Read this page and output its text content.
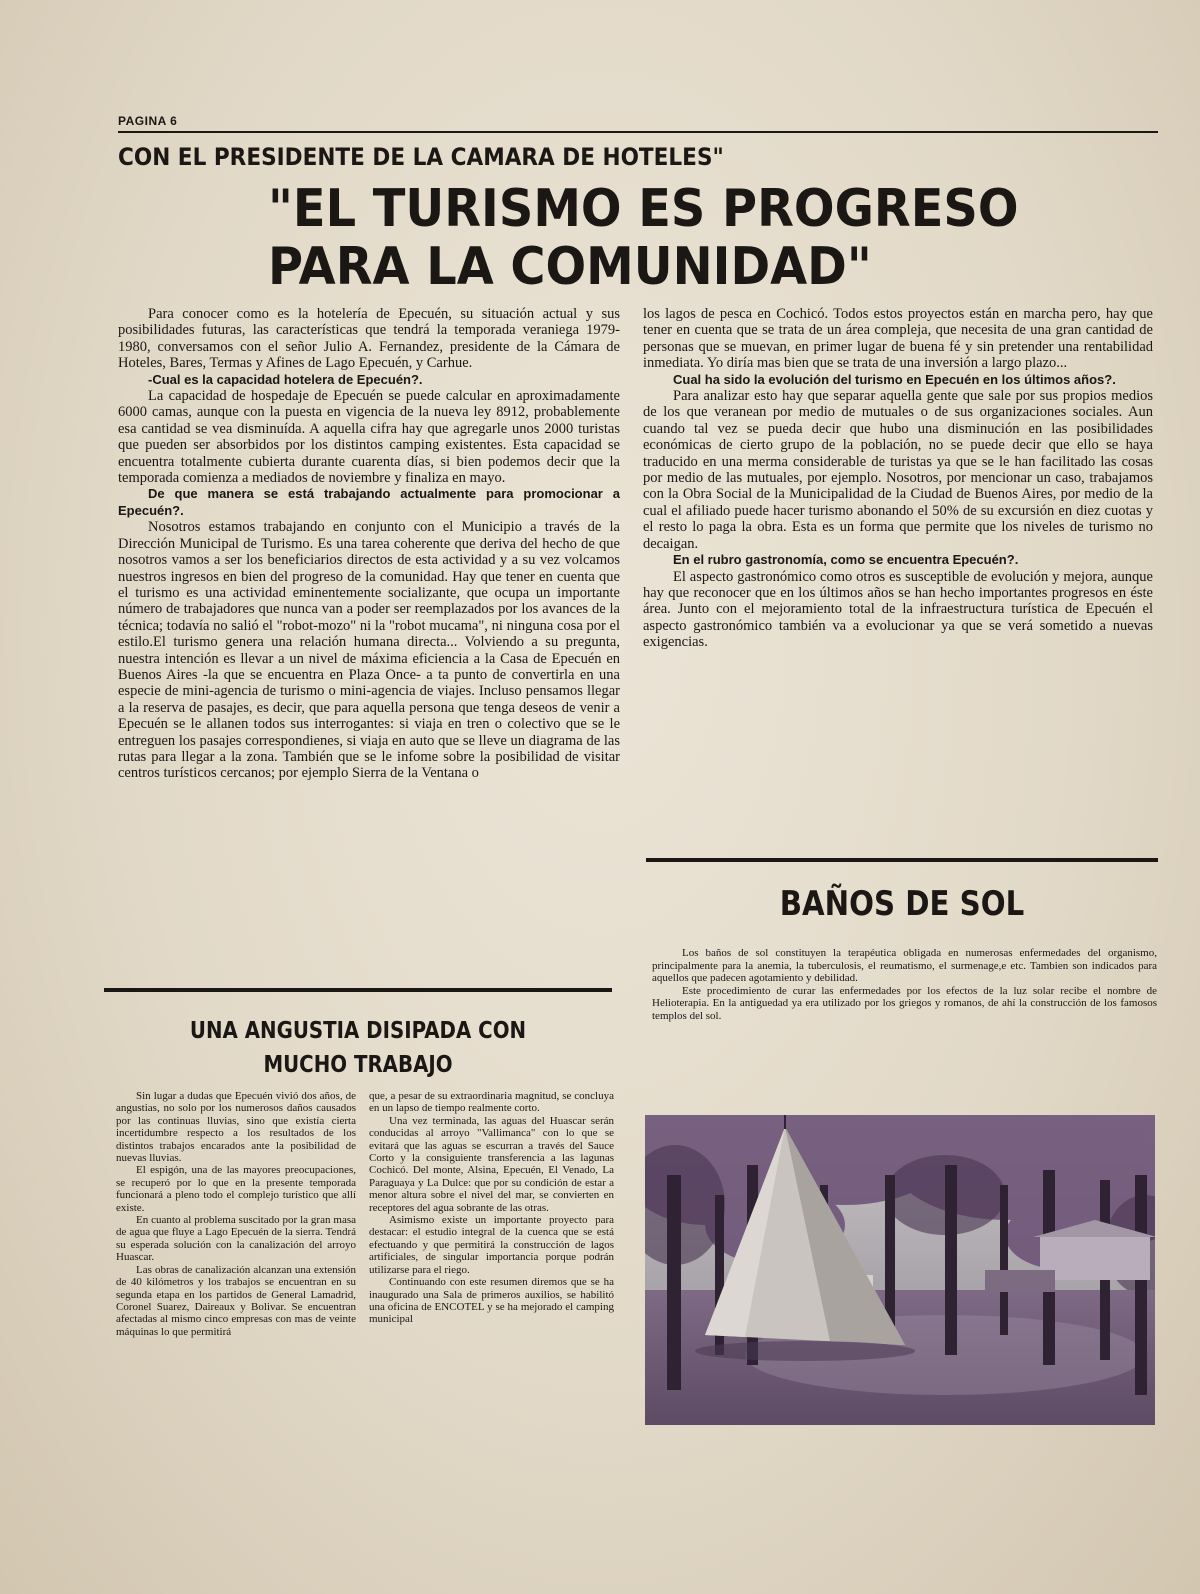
PAGINA 6
CON EL PRESIDENTE DE LA CAMARA DE HOTELES"
"EL TURISMO ES PROGRESO
PARA LA COMUNIDAD"

Para conocer como es la hotelería de Epecuén, su situación actual y sus posibilidades futuras, las características que tendrá la temporada veraniega 1979-1980, conversamos con el señor Julio A. Fernandez, presidente de la Cámara de Hoteles, Bares, Termas y Afines de Lago Epecuén, y Carhue.

-Cual es la capacidad hotelera de Epecuén?.

La capacidad de hospedaje de Epecuén se puede calcular en aproximadamente 6000 camas, aunque con la puesta en vigencia de la nueva ley 8912, probablemente esa cantidad se vea disminuída. A aquella cifra hay que agregarle unos 2000 turistas que pueden ser absorbidos por los distintos camping existentes. Esta capacidad se encuentra totalmente cubierta durante cuarenta días, si bien podemos decir que la temporada comienza a mediados de noviembre y finaliza en mayo.

De que manera se está trabajando actualmente para promocionar a Epecuén?.

Nosotros estamos trabajando en conjunto con el Municipio a través de la Dirección Municipal de Turismo. Es una tarea coherente que deriva del hecho de que nosotros vamos a ser los beneficiarios directos de esta actividad y a su vez volcamos nuestros ingresos en bien del progreso de la comunidad. Hay que tener en cuenta que el turismo es una actividad eminentemente socializante, que ocupa un importante número de trabajadores que nunca van a poder ser reemplazados por los avances de la técnica; todavía no salió el "robot-mozo" ni la "robot mucama", ni ninguna cosa por el estilo.El turismo genera una relación humana directa... Volviendo a su pregunta, nuestra intención es llevar a un nivel de máxima eficiencia a la Casa de Epecuén en Buenos Aires -la que se encuentra en Plaza Once- a ta punto de convertirla en una especie de mini-agencia de turismo o mini-agencia de viajes. Incluso pensamos llegar a la reserva de pasajes, es decir, que para aquella persona que tenga deseos de venir a Epecuén se le allanen todos sus interrogantes: si viaja en tren o colectivo que se le entreguen los pasajes correspondienes, si viaja en auto que se lleve un diagrama de las rutas para llegar a la zona. También que se le infome sobre la posibilidad de visitar centros turísticos cercanos; por ejemplo Sierra de la Ventana o

los lagos de pesca en Cochicó. Todos estos proyectos están en marcha pero, hay que tener en cuenta que se trata de un área compleja, que necesita de una gran cantidad de personas que se muevan, en primer lugar de buena fé y sin pretender una rentabilidad inmediata. Yo diría mas bien que se trata de una inversión a largo plazo...

Cual ha sido la evolución del turismo en Epecuén en los últimos años?.

Para analizar esto hay que separar aquella gente que sale por sus propios medios de los que veranean por medio de mutuales o de sus organizaciones sociales. Aun cuando tal vez se pueda decir que hubo una disminución en las posibilidades económicas de cierto grupo de la población, no se puede decir que ello se haya traducido en una merma considerable de turistas ya que se le han facilitado las cosas por medio de las mutuales, por ejemplo. Nosotros, por mencionar un caso, trabajamos con la Obra Social de la Municipalidad de la Ciudad de Buenos Aires, por medio de la cual el afiliado puede hacer turismo abonando el 50% de su excursión en diez cuotas y el resto lo paga la obra. Esta es un forma que permite que los niveles de turismo no decaigan.

En el rubro gastronomía, como se encuentra Epecuén?.

El aspecto gastronómico como otros es susceptible de evolución y mejora, aunque hay que reconocer que en los últimos años se han hecho importantes progresos en éste área. Junto con el mejoramiento total de la infraestructura turística de Epecuén el aspecto gastronómico también va a evolucionar ya que se verá sometido a nuevas exigencias.

UNA ANGUSTIA DISIPADA CON
MUCHO TRABAJO

Sin lugar a dudas que Epecuén vivió dos años, de angustias, no solo por los numerosos daños causados por las continuas lluvias, sino que existía cierta incertidumbre respecto a los resultados de los distintos trabajos encarados ante la posibilidad de nuevas lluvias.

El espigón, una de las mayores preocupaciones, se recuperó por lo que en la presente temporada funcionará a pleno todo el complejo turístico que allí existe.

En cuanto al problema suscitado por la gran masa de agua que fluye a Lago Epecuén de la sierra. Tendrá su esperada solución con la canalización del arroyo Huascar.

Las obras de canalización alcanzan una extensión de 40 kilómetros y los trabajos se encuentran en su segunda etapa en los partidos de General Lamadrid, Coronel Suarez, Daireaux y Bolivar. Se encuentran afectadas al mismo cinco empresas con mas de veinte máquinas lo que permitirá

que, a pesar de su extraordinaria magnitud, se concluya en un lapso de tiempo realmente corto.

Una vez terminada, las aguas del Huascar serán conducidas al arroyo "Vallimanca" con lo que se evitará que las aguas se escurran a través del Sauce Corto y la consiguiente transferencia a las lagunas Cochicó. Del monte, Alsina, Epecuén, El Venado, La Paraguaya y La Dulce: que por su condición de estar a menor altura sobre el nivel del mar, se convierten en receptores del agua sobrante de las otras.

Asimismo existe un importante proyecto para destacar: el estudio integral de la cuenca que se está efectuando y que permitirá la construcción de lagos artificiales, de singular importancia porque podrán utilizarse para el riego.

Continuando con este resumen diremos que se ha inaugurado una Sala de primeros auxilios, se habilitó una oficina de ENCOTEL y se ha mejorado el camping municipal

BAÑOS DE SOL

Los baños de sol constituyen la terapéutica obligada en numerosas enfermedades del organismo, principalmente para la anemia, la tuberculosis, el reumatismo, el surmenage,e etc. Tambien son indicados para aquellos que padecen agotamiento y debilidad.

Este procedimiento de curar las enfermedades por los efectos de la luz solar recibe el nombre de Helioterapia. En la antiguedad ya era utilizado por los griegos y romanos, de ahí la construcción de los famosos templos del sol.
